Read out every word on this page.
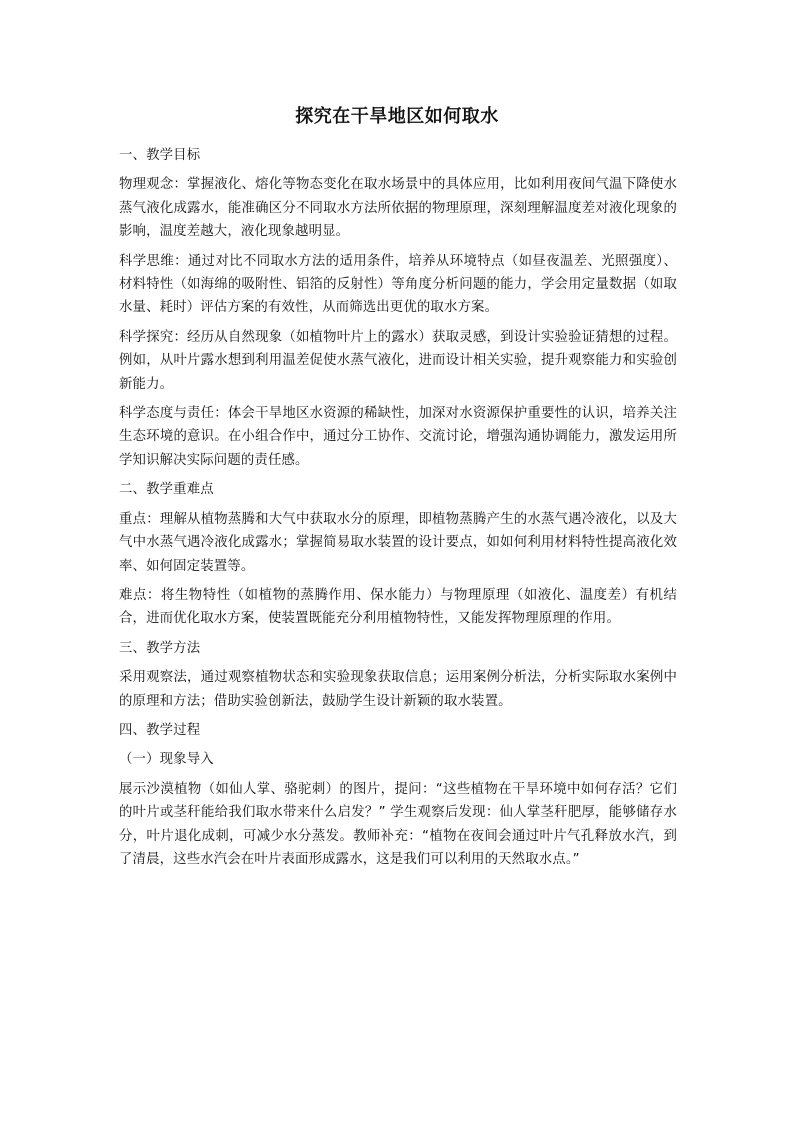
探究在干旱地区如何取水

一、教学目标

物理观念：掌握液化、熔化等物态变化在取水场景中的具体应用，比如利用夜间气温下降使水蒸气液化成露水，能准确区分不同取水方法所依据的物理原理，深刻理解温度差对液化现象的影响，温度差越大，液化现象越明显。

科学思维：通过对比不同取水方法的适用条件，培养从环境特点（如昼夜温差、光照强度）、材料特性（如海绵的吸附性、铝箔的反射性）等角度分析问题的能力，学会用定量数据（如取水量、耗时）评估方案的有效性，从而筛选出更优的取水方案。

科学探究：经历从自然现象（如植物叶片上的露水）获取灵感，到设计实验验证猜想的过程。例如，从叶片露水想到利用温差促使水蒸气液化，进而设计相关实验，提升观察能力和实验创新能力。

科学态度与责任：体会干旱地区水资源的稀缺性，加深对水资源保护重要性的认识，培养关注生态环境的意识。在小组合作中，通过分工协作、交流讨论，增强沟通协调能力，激发运用所学知识解决实际问题的责任感。

二、教学重难点

重点：理解从植物蒸腾和大气中获取水分的原理，即植物蒸腾产生的水蒸气遇冷液化，以及大气中水蒸气遇冷液化成露水；掌握简易取水装置的设计要点，如如何利用材料特性提高液化效率、如何固定装置等。

难点：将生物特性（如植物的蒸腾作用、保水能力）与物理原理（如液化、温度差）有机结合，进而优化取水方案，使装置既能充分利用植物特性，又能发挥物理原理的作用。

三、教学方法

采用观察法，通过观察植物状态和实验现象获取信息；运用案例分析法，分析实际取水案例中的原理和方法；借助实验创新法，鼓励学生设计新颖的取水装置。

四、教学过程

（一）现象导入

展示沙漠植物（如仙人掌、骆驼刺）的图片，提问：“这些植物在干旱环境中如何存活？它们的叶片或茎秆能给我们取水带来什么启发？” 学生观察后发现：仙人掌茎秆肥厚，能够储存水分，叶片退化成刺，可减少水分蒸发。教师补充：“植物在夜间会通过叶片气孔释放水汽，到了清晨，这些水汽会在叶片表面形成露水，这是我们可以利用的天然取水点。”
